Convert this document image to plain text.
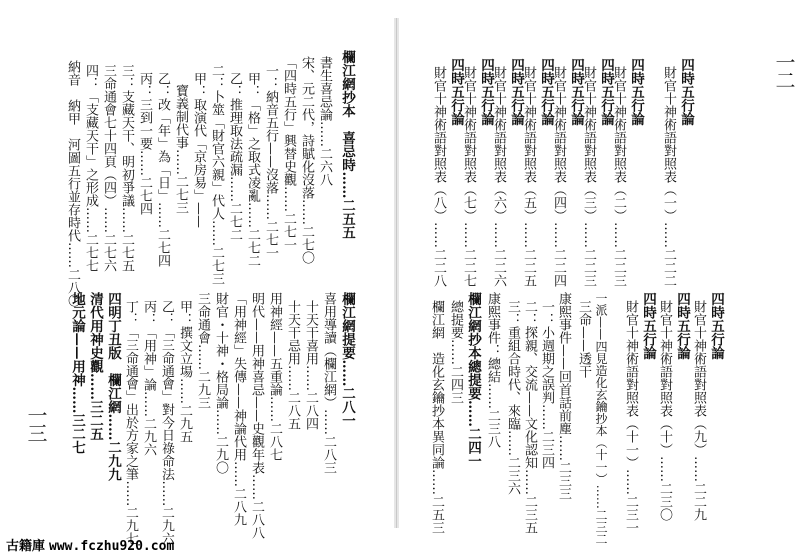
四時五行論
財官十神術語對照表（一）……二二二
四時五行論
財官十神術語對照表（二）……二二三
四時五行論
財官十神術語對照表（三）……二二三
四時五行論
財官十神術語對照表（四）……二二四
四時五行論
財官十神術語對照表（五）……二二五
四時五行論
財官十神術語對照表（六）……二二六
四時五行論
財官十神術語對照表（七）……二二七
四時五行論
財官十神術語對照表（八）……二二八
四時五行論
財官十神術語對照表（九）……二二九
四時五行論
財官十神術語對照表（十）……二三〇
四時五行論
財官十神術語對照表（十一）……二三一
一派——四見造化玄鑰抄本（十一）……二三二
三命——透干
康熙事件——回首話前塵……二三三
一：小週期之誤判……二三四
二：探親、交流——文化認知……二三五
三：重組合時代、來臨……二三六
康熙事件：總結……二三八
欄江網抄本總提要……二四一
總提要……二四三
欄江網　造化玄鑰抄本異同論……二五三
一二
欄江網抄本　喜忌時……二五五
書生喜忌論……二六八
宋、元二代，詩賦化沒落……二七〇
「四時五行」興替史觀……二七一
一：納音五行——沒落……二七一
甲：「格」之取式凌亂……二七二
乙：推理取法疏漏……二七二
二：卜筮「財官六親」代人……二七三
甲：取演代「京房易」——
寶義制代事……二七三
乙：改「年」為「日」……二七四
丙：三到一要……二七四
三：支藏天干、明初爭議……二七五
三命通會七十四頁（四）……二七六
四：「支藏天干」之形成……二七七
納音　納甲　河圖五行並存時代……二八〇
欄江網提要……二八一
喜用導讀（欄江網）……二八三
十天干喜用……二八四
十天干忌用……二八五
用神經——五重論……二八七
明代——用神喜忌——史觀年表……二八八
「用神經」失傳——神論代用……二八九
財官・十神・格局論……二九〇
三命通會……二九三
甲：撰文立場……二九五
乙：「三命通會」對今日祿命法……二九六
丙：「用神」論……二九六
丁：「三命通會」出於方家之筆……二九七
四明丁丑版　欄江網……二九九
清代用神史觀……三二五
地元論——用神……三二七
一三
古籍庫 www.fczhu920.com
